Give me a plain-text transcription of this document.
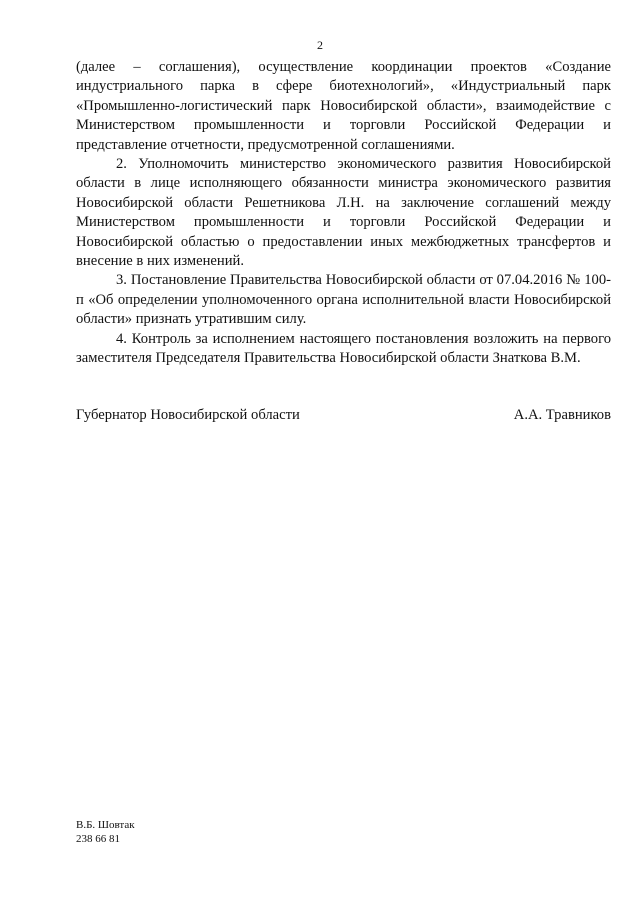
2

(далее – соглашения), осуществление координации проектов «Создание индустриального парка в сфере биотехнологий», «Индустриальный парк «Промышленно-логистический парк Новосибирской области», взаимодействие с Министерством промышленности и торговли Российской Федерации и представление отчетности, предусмотренной соглашениями.

2. Уполномочить министерство экономического развития Новосибирской области в лице исполняющего обязанности министра экономического развития Новосибирской области Решетникова Л.Н. на заключение соглашений между Министерством промышленности и торговли Российской Федерации и Новосибирской областью о предоставлении иных межбюджетных трансфертов и внесение в них изменений.

3. Постановление Правительства Новосибирской области от 07.04.2016 № 100-п «Об определении уполномоченного органа исполнительной власти Новосибирской области» признать утратившим силу.

4. Контроль за исполнением настоящего постановления возложить на первого заместителя Председателя Правительства Новосибирской области Знаткова В.М.

Губернатор Новосибирской области	А.А. Травников
В.Б. Шовтак
238 66 81
